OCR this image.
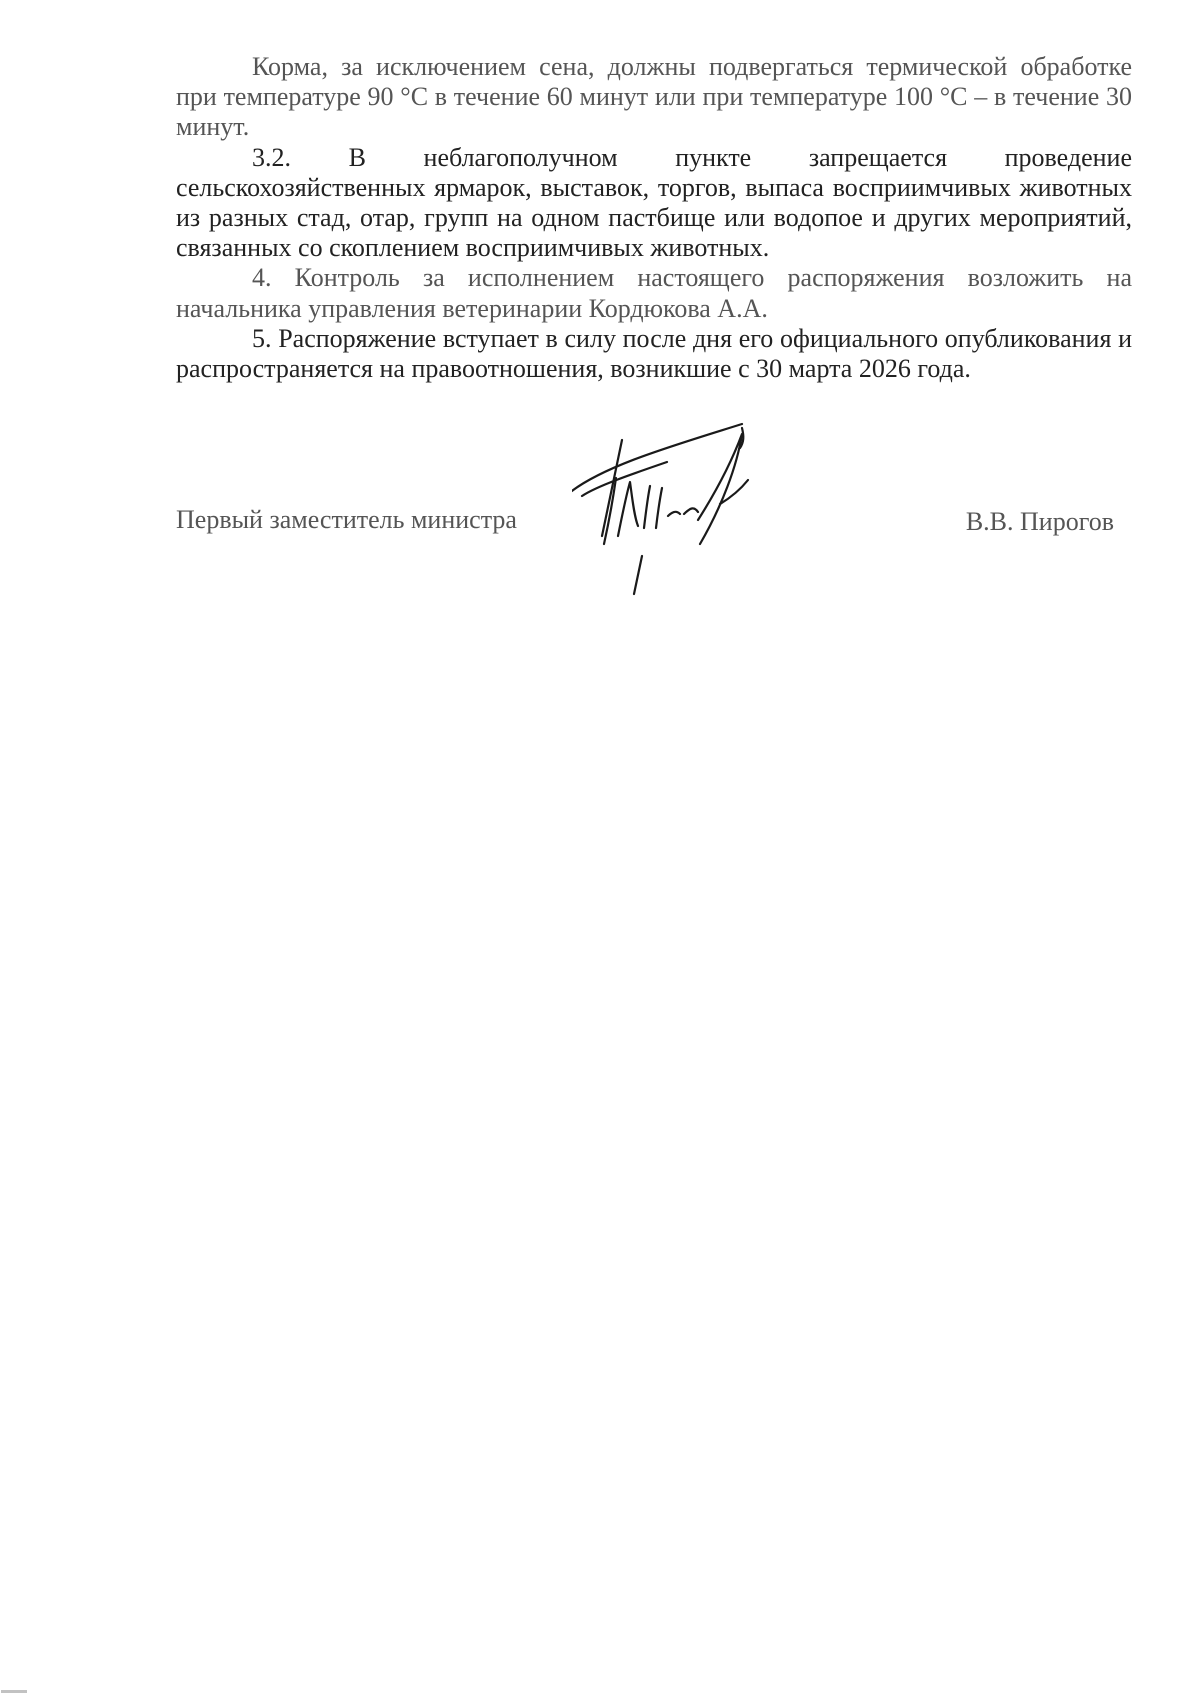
Корма, за исключением сена, должны подвергаться термической обработке при температуре 90 °С в течение 60 минут или при температуре 100 °С – в течение 30 минут.

3.2. В неблагополучном пункте запрещается проведение сельскохозяйственных ярмарок, выставок, торгов, выпаса восприимчивых животных из разных стад, отар, групп на одном пастбище или водопое и других мероприятий, связанных со скоплением восприимчивых животных.

4. Контроль за исполнением настоящего распоряжения возложить на начальника управления ветеринарии Кордюкова А.А.

5. Распоряжение вступает в силу после дня его официального опубликования и распространяется на правоотношения, возникшие с 30 марта 2026 года.

Первый заместитель министра	В.В. Пирогов
